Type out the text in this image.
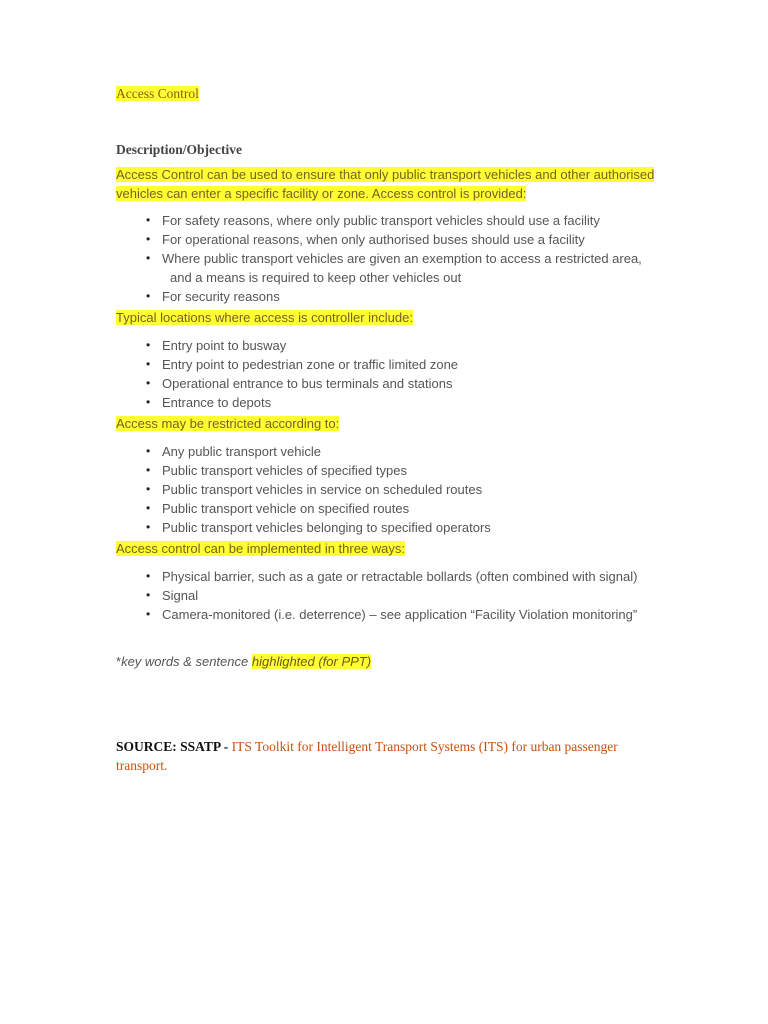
Access Control
Description/Objective
Access Control can be used to ensure that only public transport vehicles and other authorised vehicles can enter a specific facility or zone. Access control is provided:
• For safety reasons, where only public transport vehicles should use a facility
• For operational reasons, when only authorised buses should use a facility
• Where public transport vehicles are given an exemption to access a restricted area,
and a means is required to keep other vehicles out
• For security reasons
Typical locations where access is controller include:
• Entry point to busway
• Entry point to pedestrian zone or traffic limited zone
• Operational entrance to bus terminals and stations
• Entrance to depots
Access may be restricted according to:
• Any public transport vehicle
• Public transport vehicles of specified types
• Public transport vehicles in service on scheduled routes
• Public transport vehicle on specified routes
• Public transport vehicles belonging to specified operators
Access control can be implemented in three ways:
• Physical barrier, such as a gate or retractable bollards (often combined with signal)
• Signal
• Camera-monitored (i.e. deterrence) – see application “Facility Violation monitoring”
*key words & sentence highlighted (for PPT)
SOURCE: SSATP - ITS Toolkit for Intelligent Transport Systems (ITS) for urban passenger transport.
